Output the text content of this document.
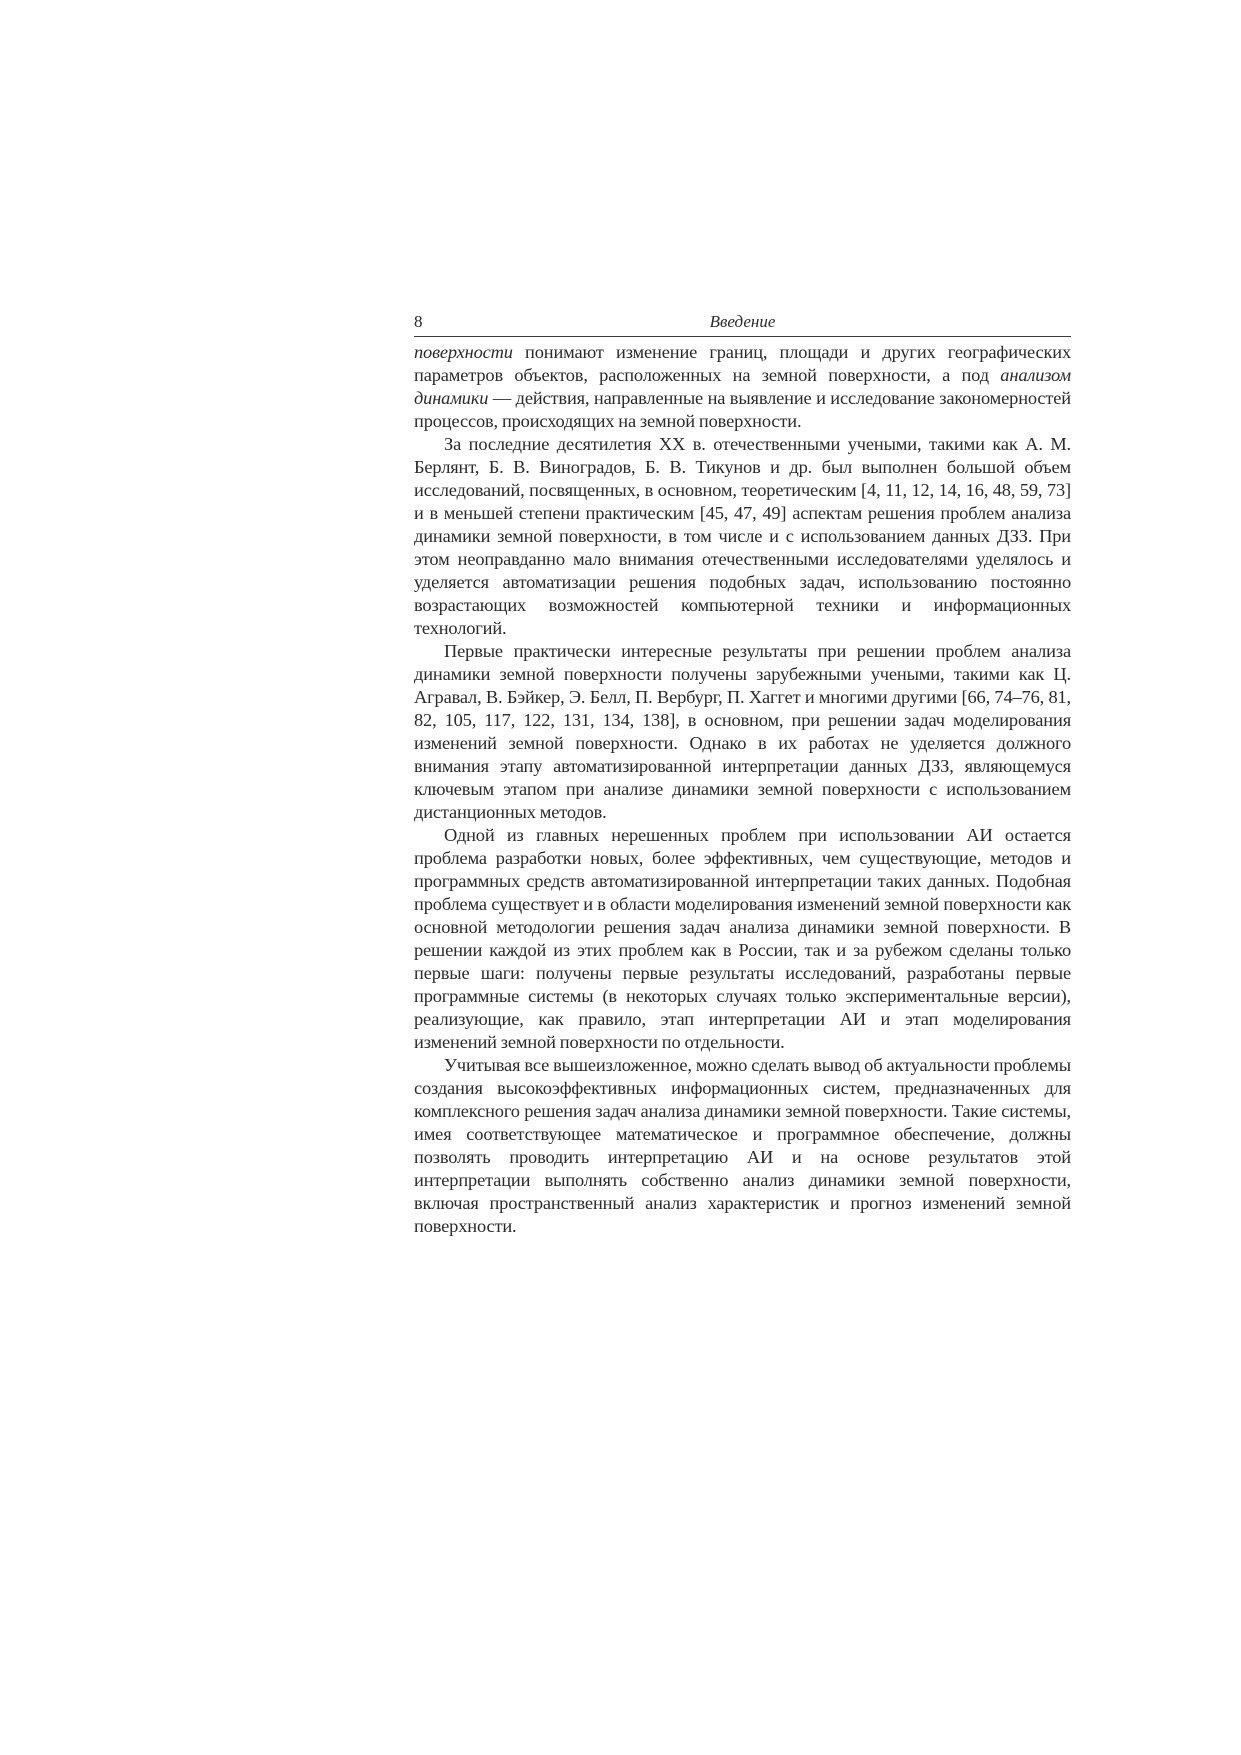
8	Введение

поверхности понимают изменение границ, площади и других географических параметров объектов, расположенных на земной поверхности, а под анализом динамики — действия, направленные на выявление и исследование закономерностей процессов, происходящих на земной поверхности.

За последние десятилетия XX в. отечественными учеными, такими как А. М. Берлянт, Б. В. Виноградов, Б. В. Тикунов и др. был выполнен большой объем исследований, посвященных, в основном, теоретическим [4, 11, 12, 14, 16, 48, 59, 73] и в меньшей степени практическим [45, 47, 49] аспектам решения проблем анализа динамики земной поверхности, в том числе и с использованием данных ДЗЗ. При этом неоправданно мало внимания отечественными исследователями уделялось и уделяется автоматизации решения подобных задач, использованию постоянно возрастающих возможностей компьютерной техники и информационных технологий.

Первые практически интересные результаты при решении проблем анализа динамики земной поверхности получены зарубежными учеными, такими как Ц. Агравал, В. Бэйкер, Э. Белл, П. Вербург, П. Хаггет и многими другими [66, 74–76, 81, 82, 105, 117, 122, 131, 134, 138], в основном, при решении задач моделирования изменений земной поверхности. Однако в их работах не уделяется должного внимания этапу автоматизированной интерпретации данных ДЗЗ, являющемуся ключевым этапом при анализе динамики земной поверхности с использованием дистанционных методов.

Одной из главных нерешенных проблем при использовании АИ остается проблема разработки новых, более эффективных, чем существующие, методов и программных средств автоматизированной интерпретации таких данных. Подобная проблема существует и в области моделирования изменений земной поверхности как основной методологии решения задач анализа динамики земной поверхности. В решении каждой из этих проблем как в России, так и за рубежом сделаны только первые шаги: получены первые результаты исследований, разработаны первые программные системы (в некоторых случаях только экспериментальные версии), реализующие, как правило, этап интерпретации АИ и этап моделирования изменений земной поверхности по отдельности.

Учитывая все вышеизложенное, можно сделать вывод об актуальности проблемы создания высокоэффективных информационных систем, предназначенных для комплексного решения задач анализа динамики земной поверхности. Такие системы, имея соответствующее математическое и программное обеспечение, должны позволять проводить интерпретацию АИ и на основе результатов этой интерпретации выполнять собственно анализ динамики земной поверхности, включая пространственный анализ характеристик и прогноз изменений земной поверхности.
